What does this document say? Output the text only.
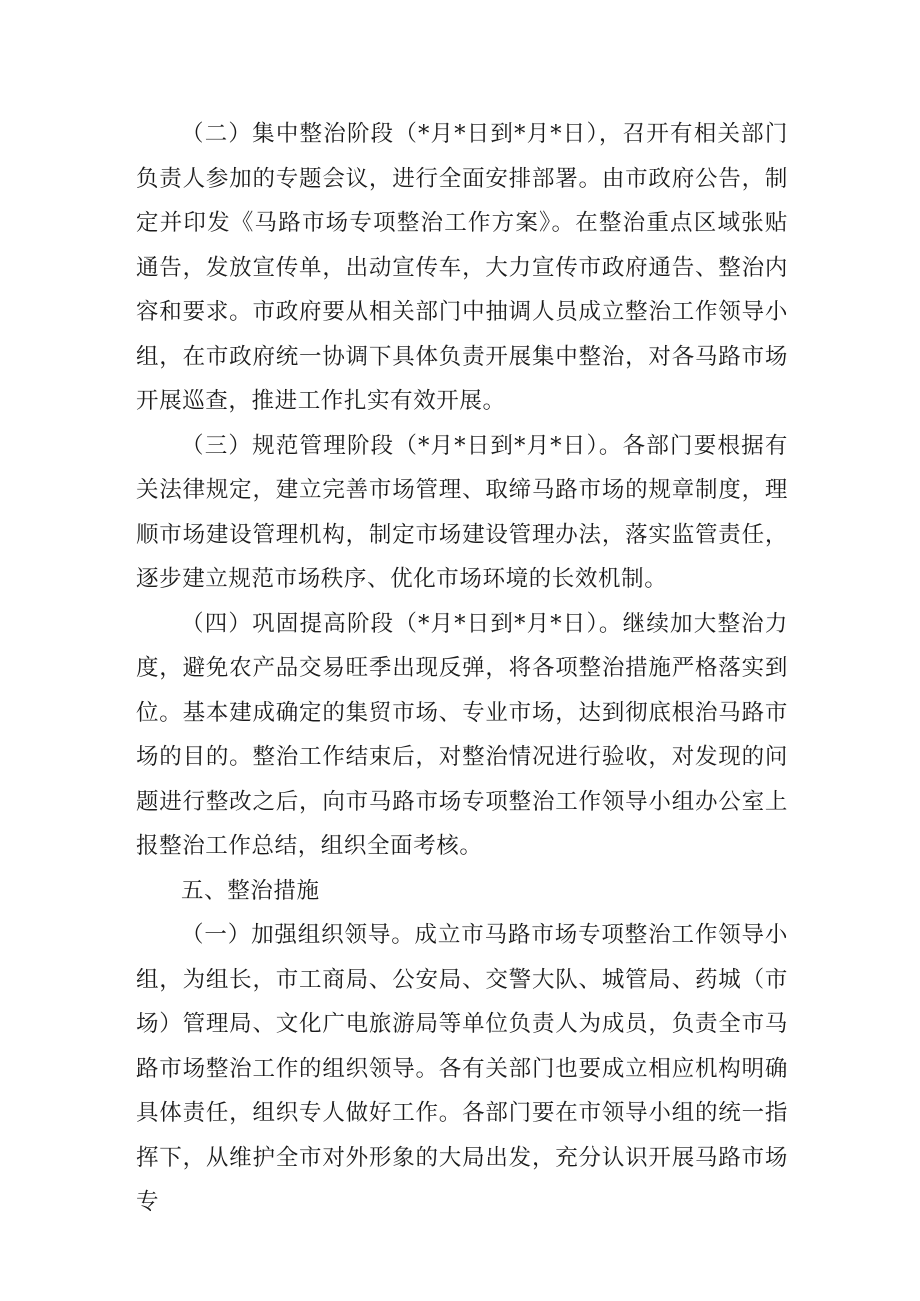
（二）集中整治阶段（*月*日到*月*日），召开有相关部门负责人参加的专题会议，进行全面安排部署。由市政府公告，制定并印发《马路市场专项整治工作方案》。在整治重点区域张贴通告，发放宣传单，出动宣传车，大力宣传市政府通告、整治内容和要求。市政府要从相关部门中抽调人员成立整治工作领导小组，在市政府统一协调下具体负责开展集中整治，对各马路市场开展巡查，推进工作扎实有效开展。

（三）规范管理阶段（*月*日到*月*日）。各部门要根据有关法律规定，建立完善市场管理、取缔马路市场的规章制度，理顺市场建设管理机构，制定市场建设管理办法，落实监管责任，逐步建立规范市场秩序、优化市场环境的长效机制。

（四）巩固提高阶段（*月*日到*月*日）。继续加大整治力度，避免农产品交易旺季出现反弹，将各项整治措施严格落实到位。基本建成确定的集贸市场、专业市场，达到彻底根治马路市场的目的。整治工作结束后，对整治情况进行验收，对发现的问题进行整改之后，向市马路市场专项整治工作领导小组办公室上报整治工作总结，组织全面考核。

五、整治措施

（一）加强组织领导。成立市马路市场专项整治工作领导小组，为组长，市工商局、公安局、交警大队、城管局、药城（市场）管理局、文化广电旅游局等单位负责人为成员，负责全市马路市场整治工作的组织领导。各有关部门也要成立相应机构明确具体责任，组织专人做好工作。各部门要在市领导小组的统一指挥下，从维护全市对外形象的大局出发，充分认识开展马路市场专
